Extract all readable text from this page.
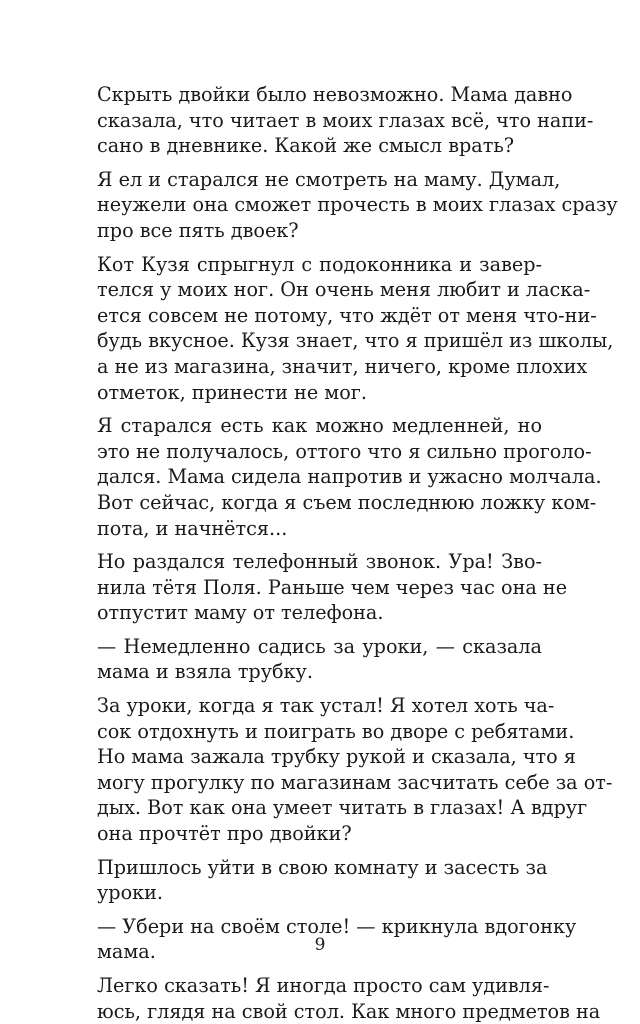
Скрыть двойки было невозможно. Мама давно
сказала, что читает в моих глазах всё, что напи-
сано в дневнике. Какой же смысл врать?
Я ел и старался не смотреть на маму. Думал,
неужели она сможет прочесть в моих глазах сразу
про все пять двоек?
Кот Кузя спрыгнул с подоконника и завер-
телся у моих ног. Он очень меня любит и ласка-
ется совсем не потому, что ждёт от меня что-ни-
будь вкусное. Кузя знает, что я пришёл из школы,
а не из магазина, значит, ничего, кроме плохих
отметок, принести не мог.
Я старался есть как можно медленней, но
это не получалось, оттого что я сильно прогoло-
дался. Мама сидела напротив и ужасно молчала.
Вот сейчас, когда я съем последнюю ложку ком-
пота, и начнётся...
Но раздался телефонный звонок. Ура! Зво-
нила тётя Поля. Раньше чем через час она не
отпустит маму от телефона.
— Немедленно садись за уроки, — сказала
мама и взяла трубку.
За уроки, когда я так устал! Я хотел хоть ча-
сок отдохнуть и поиграть во дворе с ребятами.
Но мама зажала трубку рукой и сказала, что я
могу прогулку по магазинам засчитать себе за от-
дых. Вот как она умеет читать в глазах! А вдруг
она прочтёт про двойки?
Пришлось уйти в свою комнату и засесть за
уроки.
— Убери на своём столе! — крикнула вдогонку
мама.
Легко сказать! Я иногда просто сам удивля-
юсь, глядя на свой стол. Как много предметов на
9
